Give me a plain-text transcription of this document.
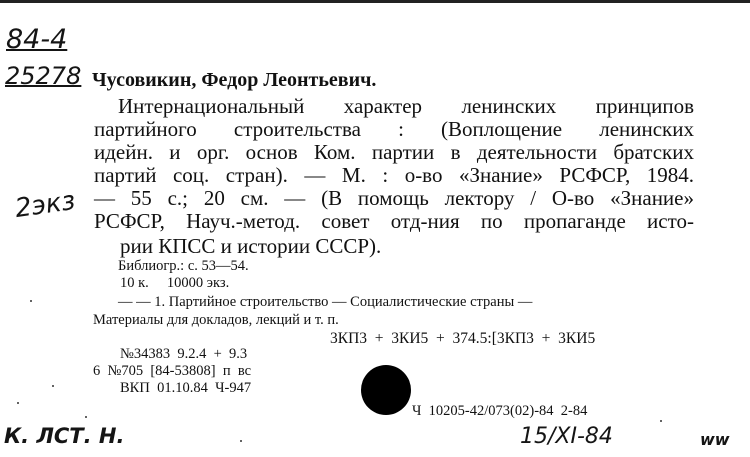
84-4
25278 Чусовикин, Федор Леонтьевич.
2экз
Интернациональный характер ленинских принципов
партийного строительства : (Воплощение ленинских
идейн. и орг. основ Ком. партии в деятельности братских
партий соц. стран). — М. : о-во «Знание» РСФСР, 1984.
— 55 с.; 20 см. — (В помощь лектору / О-во «Знание»
РСФСР, Науч.-метод. совет отд-ния по пропаганде исто-
рии КПСС и истории СССР).
Библиогр.: с. 53—54.
10 к.     10000 экз.
— — 1. Партийное строительство — Социалистические страны —
Материалы для докладов, лекций и т. п.
3КП3  +  3КИ5  +  374.5:[3КП3  +  3КИ5
№34383  9.2.4  +  9.3
6  №705  [84-53808]  п  вс
ВКП  01.10.84  Ч-947
Ч  10205-42/073(02)-84  2-84
К. ЛСТ. Н.	15/XI-84	ww
